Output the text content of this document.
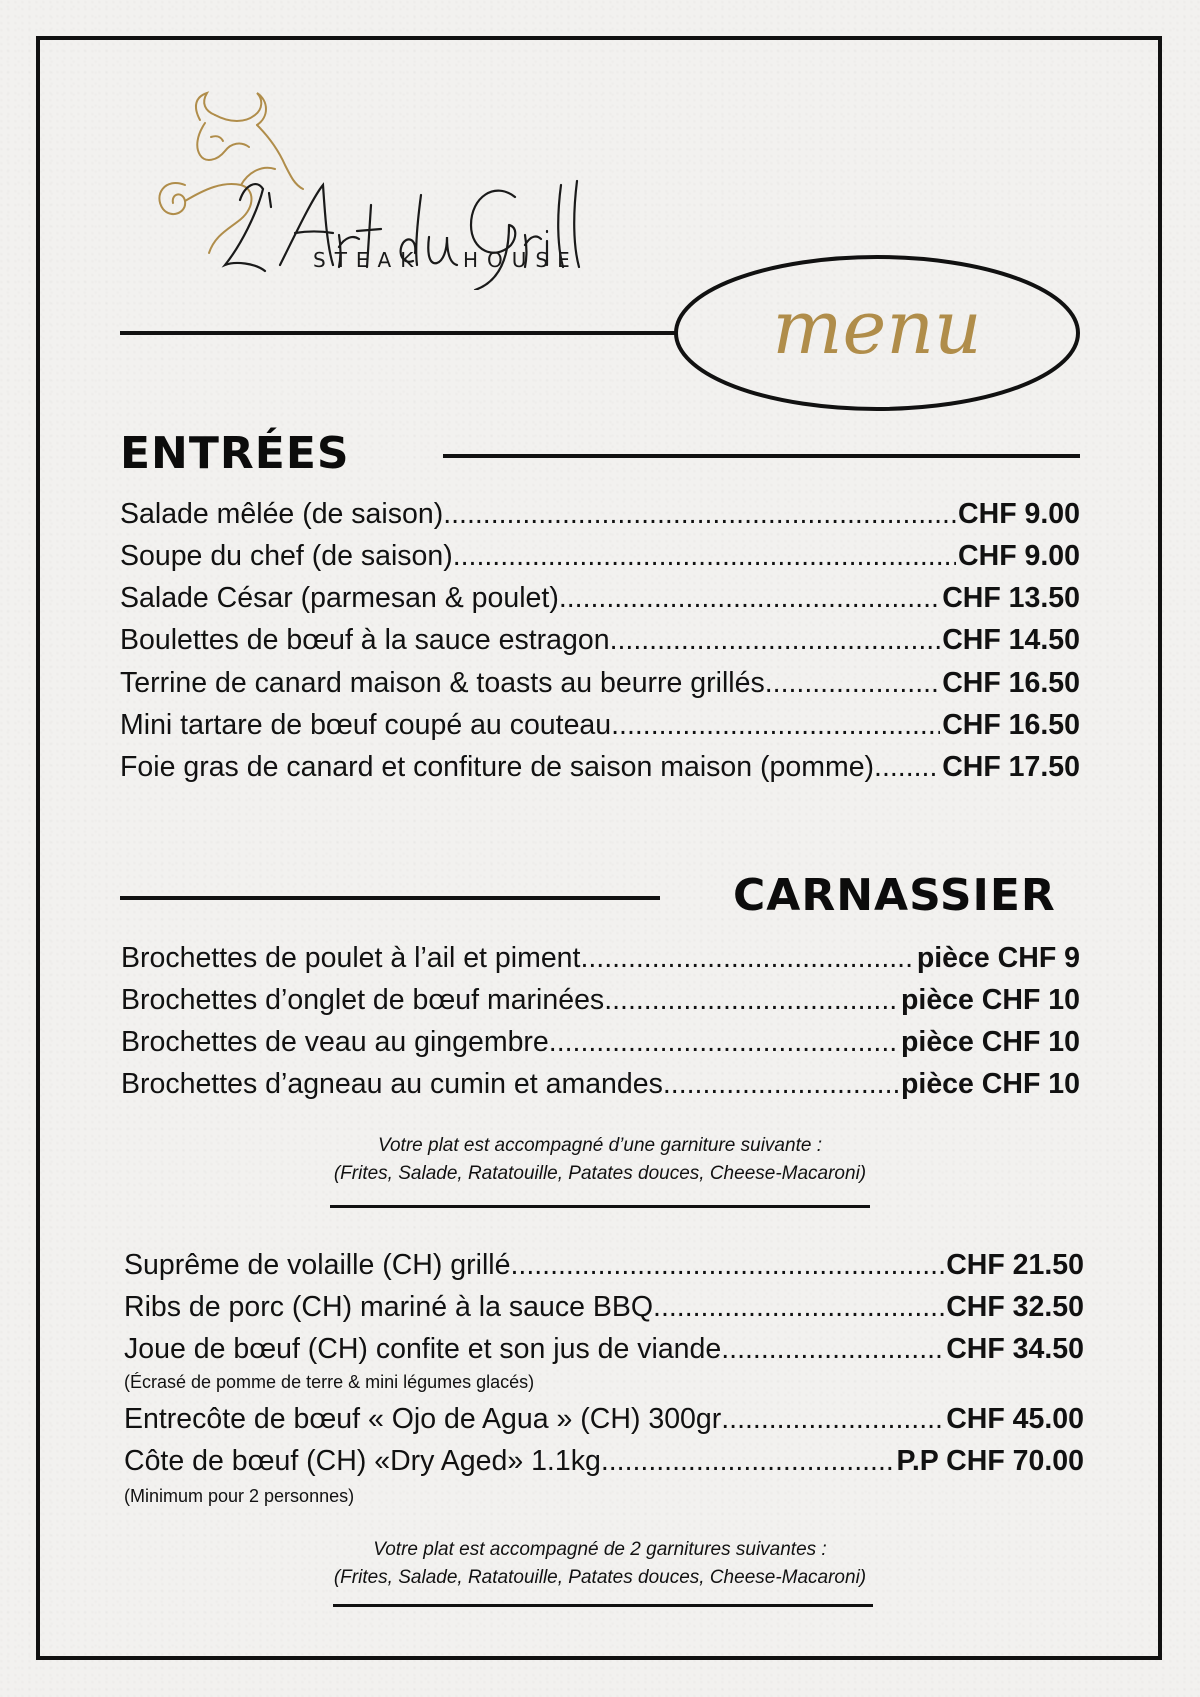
STEAK HOUSE
menu
ENTRÉES
Salade mêlée (de saison) .....	CHF 9.00
Soupe du chef (de saison) .....	CHF 9.00
Salade César (parmesan & poulet) .....	CHF 13.50
Boulettes de bœuf à la sauce estragon .....	CHF 14.50
Terrine de canard maison & toasts au beurre grillés .....	CHF 16.50
Mini tartare de bœuf coupé au couteau .....	CHF 16.50
Foie gras de canard et confiture de saison maison (pomme) ..... CHF 17.50
CARNASSIER
Brochettes de poulet à l’ail et piment .....	pièce CHF 9
Brochettes d’onglet de bœuf marinées .....	pièce CHF 10
Brochettes de veau au gingembre .....	pièce CHF 10
Brochettes d’agneau au cumin et amandes .....	pièce CHF 10
Votre plat est accompagné d’une garniture suivante :
(Frites, Salade, Ratatouille, Patates douces, Cheese-Macaroni)
Suprême de volaille (CH) grillé .....	CHF 21.50
Ribs de porc (CH) mariné à la sauce BBQ .....	CHF 32.50
Joue de bœuf (CH) confite et son jus de viande .....	CHF 34.50
(Écrasé de pomme de terre & mini légumes glacés)
Entrecôte de bœuf « Ojo de Agua » (CH) 300gr .....	CHF 45.00
Côte de bœuf (CH) «Dry Aged» 1.1kg .....	P.P CHF 70.00
(Minimum pour 2 personnes)
Votre plat est accompagné de 2 garnitures suivantes :
(Frites, Salade, Ratatouille, Patates douces, Cheese-Macaroni)
